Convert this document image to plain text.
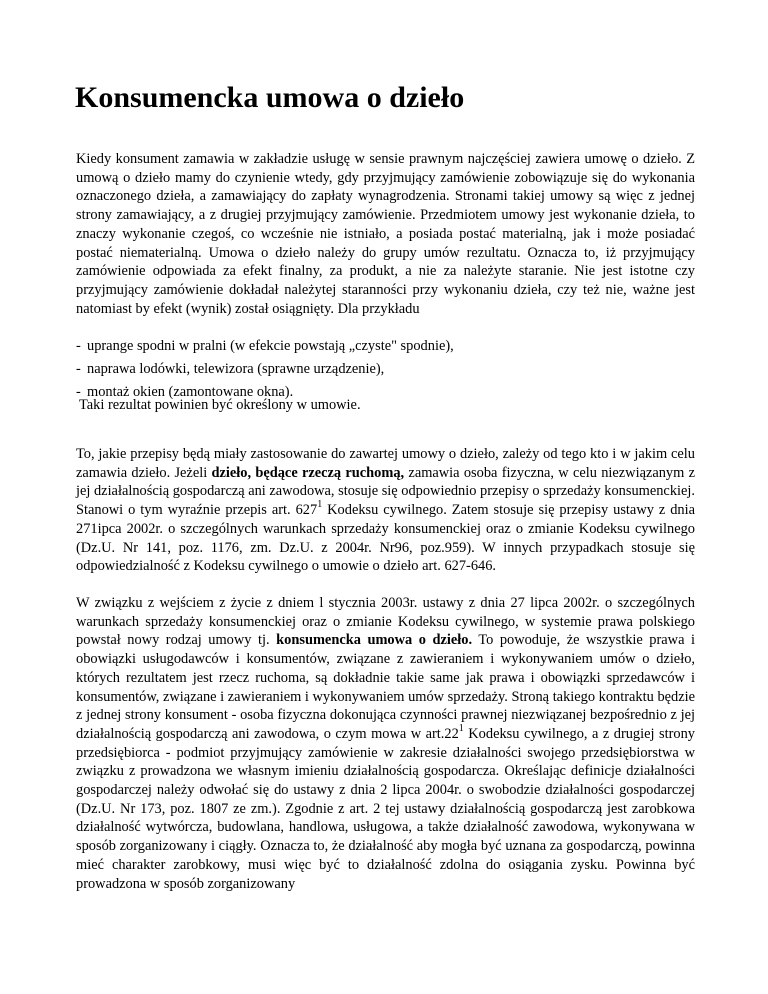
Konsumencka umowa o dzieło

Kiedy konsument zamawia w zakładzie usługę w sensie prawnym najczęściej zawiera umowę o dzieło. Z umową o dzieło mamy do czynienie wtedy, gdy przyjmujący zamówienie zobowiązuje się do wykonania oznaczonego dzieła, a zamawiający do zapłaty wynagrodzenia. Stronami takiej umowy są więc z jednej strony zamawiający, a z drugiej przyjmujący zamówienie. Przedmiotem umowy jest wykonanie dzieła, to znaczy wykonanie czegoś, co wcześnie nie istniało, a posiada postać materialną, jak i może posiadać postać niematerialną. Umowa o dzieło należy do grupy umów rezultatu. Oznacza to, iż przyjmujący zamówienie odpowiada za efekt finalny, za produkt, a nie za należyte staranie. Nie jest istotne czy przyjmujący zamówienie dokładał należytej staranności przy wykonaniu dzieła, czy też nie, ważne jest natomiast by efekt (wynik) został osiągnięty. Dla przykładu

- uprange spodni w pralni (w efekcie powstają „czyste" spodnie),
- naprawa lodówki, telewizora (sprawne urządzenie),
- montaż okien (zamontowane okna).

Taki rezultat powinien być określony w umowie.

To, jakie przepisy będą miały zastosowanie do zawartej umowy o dzieło, zależy od tego kto i w jakim celu zamawia dzieło. Jeżeli dzieło, będące rzeczą ruchomą, zamawia osoba fizyczna, w celu niezwiązanym z jej działalnością gospodarczą ani zawodowa, stosuje się odpowiednio przepisy o sprzedaży konsumenckiej. Stanowi o tym wyraźnie przepis art. $627^1$ Kodeksu cywilnego. Zatem stosuje się przepisy ustawy z dnia 271ipca 2002r. o szczególnych warunkach sprzedaży konsumenckiej oraz o zmianie Kodeksu cywilnego (Dz.U. Nr 141, poz. 1176, zm. Dz.U. z 2004r. Nr96, poz.959). W innych przypadkach stosuje się odpowiedzialność z Kodeksu cywilnego o umowie o dzieło art. 627-646.

W związku z wejściem z życie z dniem l stycznia 2003r. ustawy z dnia 27 lipca 2002r. o szczególnych warunkach sprzedaży konsumenckiej oraz o zmianie Kodeksu cywilnego, w systemie prawa polskiego powstał nowy rodzaj umowy tj. konsumencka umowa o dzieło. To powoduje, że wszystkie prawa i obowiązki usługodawców i konsumentów, związane z zawieraniem i wykonywaniem umów o dzieło, których rezultatem jest rzecz ruchoma, są dokładnie takie same jak prawa i obowiązki sprzedawców i konsumentów, związane i zawieraniem i wykonywaniem umów sprzedaży. Stroną takiego kontraktu będzie z jednej strony konsument - osoba fizyczna dokonująca czynności prawnej niezwiązanej bezpośrednio z jej działalnością gospodarczą ani zawodowa, o czym mowa w $art.22^1$ Kodeksu cywilnego, a z drugiej strony przedsiębiorca - podmiot przyjmujący zamówienie w zakresie działalności swojego przedsiębiorstwa w związku z prowadzona we własnym imieniu działalnością gospodarcza. Określając definicje działalności gospodarczej należy odwołać się do ustawy z dnia 2 lipca 2004r. o swobodzie działalności gospodarczej (Dz.U. Nr 173, poz. 1807 ze zm.). Zgodnie z art. 2 tej ustawy działalnością gospodarczą jest zarobkowa działalność wytwórcza, budowlana, handlowa, usługowa, a także działalność zawodowa, wykonywana w sposób zorganizowany i ciągły. Oznacza to, że działalność aby mogła być uznana za gospodarczą, powinna mieć charakter zarobkowy, musi więc być to działalność zdolna do osiągania zysku. Powinna być prowadzona w sposób zorganizowany
